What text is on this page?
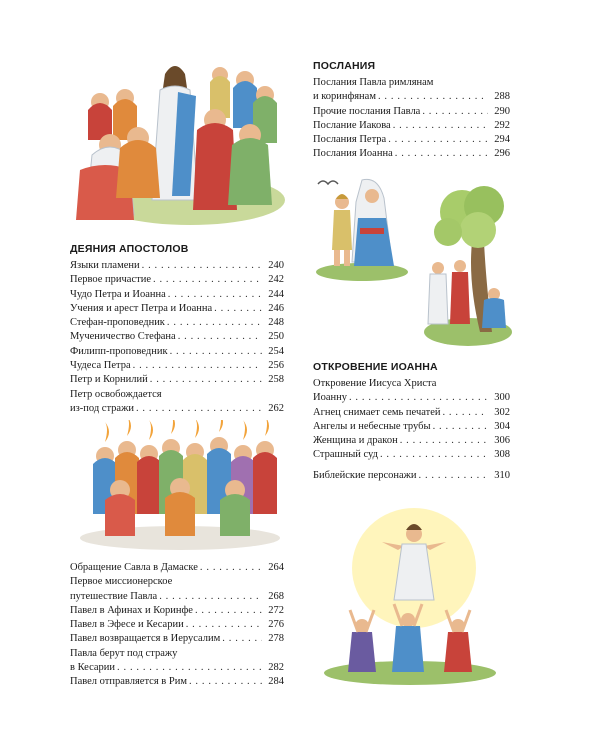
ДЕЯНИЯ АПОСТОЛОВ
Языки пламени . . .	240
Первое причастие . . .	242
Чудо Петра и Иоанна . . .	244
Учения и арест Петра и Иоанна . . .	246
Стефан-проповедник . . .	248
Мученичество Стефана . . .	250
Филипп-проповедник . . .	254
Чудеса Петра . . .	256
Петр и Корнилий . . .	258
Петр освобождается
из-под стражи . . .	262
Обращение Савла в Дамаске . . .	264
Первое миссионерское
путешествие Павла . . .	268
Павел в Афинах и Коринфе . . .	272
Павел в Эфесе и Кесарии . . .	276
Павел возвращается в Иерусалим . . .	278
Павла берут под стражу
в Кесарии . . .	282
Павел отправляется в Рим . . .	284
ПОСЛАНИЯ
Послания Павла римлянам
и коринфянам . . .	288
Прочие послания Павла . . .	290
Послание Иакова . . .	292
Послания Петра . . .	294
Послания Иоанна . . .	296
ОТКРОВЕНИЕ ИОАННА
Откровение Иисуса Христа
Иоанну . . .	300
Агнец снимает семь печатей . . .	302
Ангелы и небесные трубы . . .	304
Женщина и дракон . . .	306
Страшный суд . . .	308
Библейские персонажи . . .	310
